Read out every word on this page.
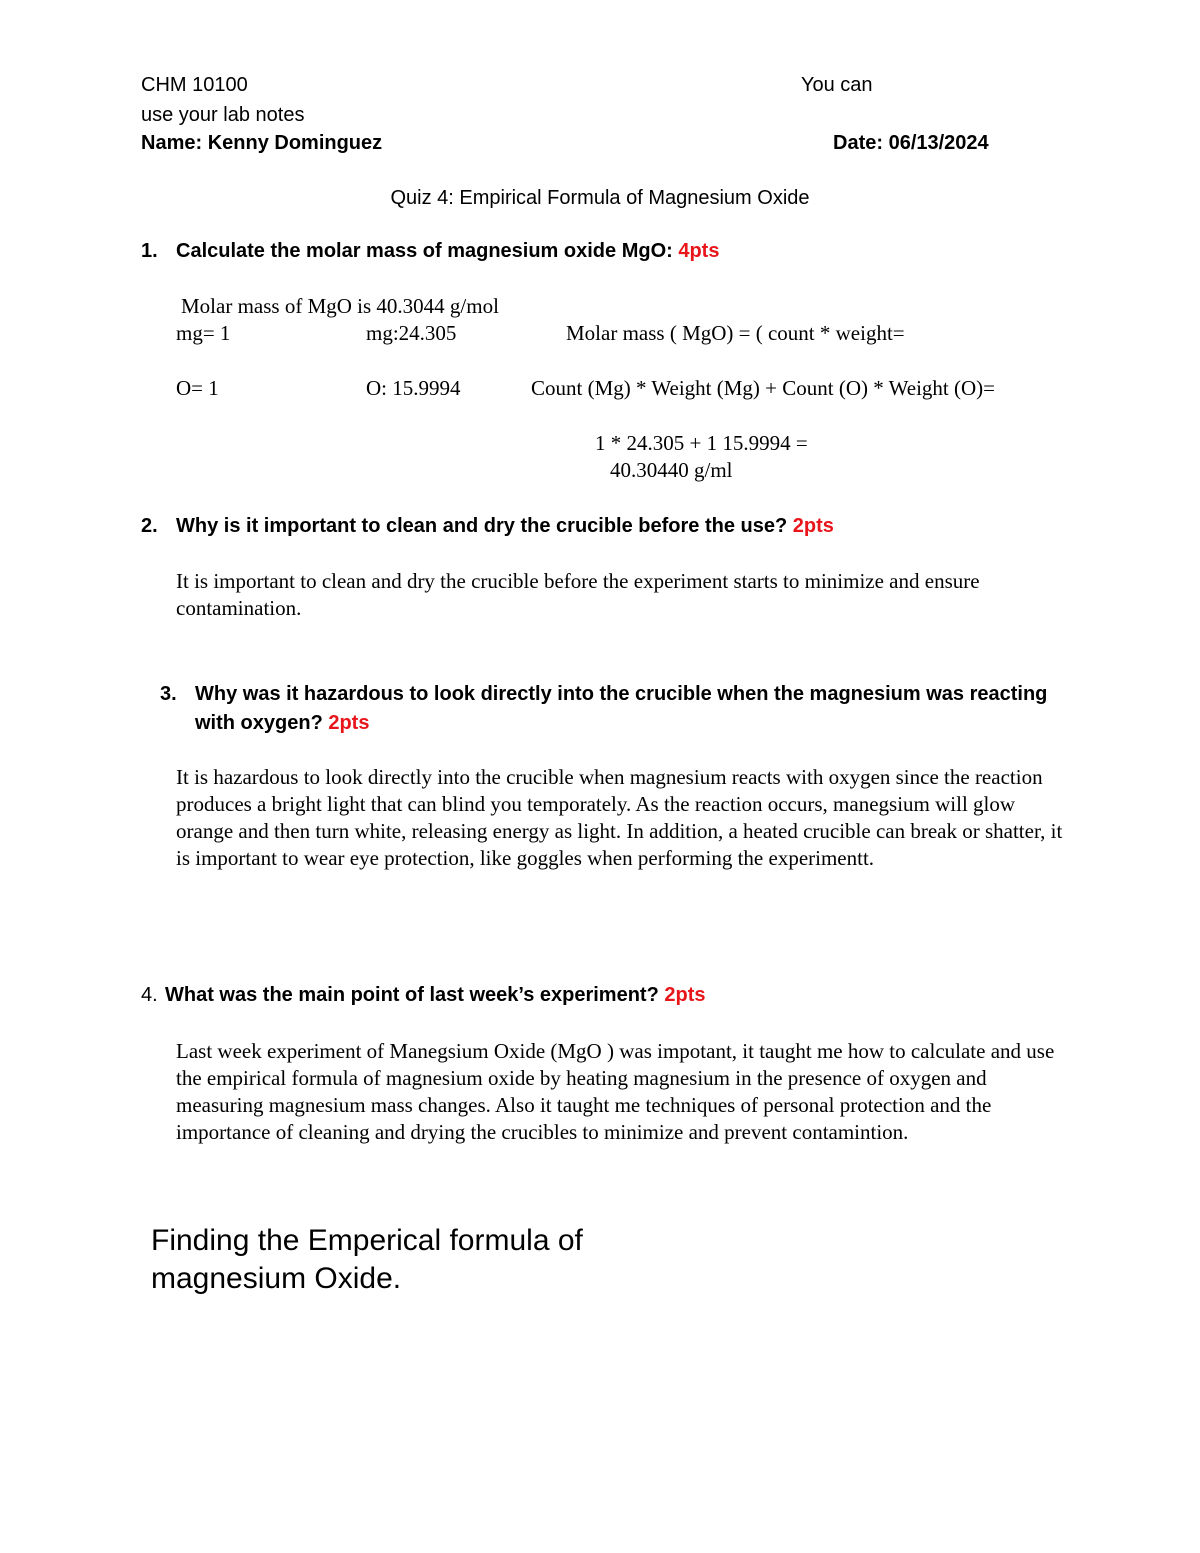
CHM 10100	You can
use your lab notes
Name: Kenny Dominguez	Date: 06/13/2024
Quiz 4: Empirical Formula of Magnesium Oxide
1. Calculate the molar mass of magnesium oxide MgO: 4pts
Molar mass of MgO is 40.3044 g/mol
mg= 1	mg:24.305	Molar mass ( MgO) = ( count * weight=
O= 1	O: 15.9994	Count (Mg) * Weight (Mg) + Count (O) * Weight (O)=
1 * 24.305 + 1 15.9994 =
40.30440 g/ml
2. Why is it important to clean and dry the crucible before the use? 2pts
It is important to clean and dry the crucible before the experiment starts to minimize and ensure contamination.
3. Why was it hazardous to look directly into the crucible when the magnesium was reacting
with oxygen? 2pts
It is hazardous to look directly into the crucible when magnesium reacts with oxygen since the reaction produces a bright light that can blind you temporately. As the reaction occurs, manegsium will glow orange and then turn white, releasing energy as light. In addition, a heated crucible can break or shatter, it is important to wear eye protection, like goggles when performing the experimentt.
4. What was the main point of last week’s experiment? 2pts
Last week experiment of Manegsium Oxide (MgO ) was impotant, it taught me how to calculate and use the empirical formula of magnesium oxide by heating magnesium in the presence of oxygen and measuring magnesium mass changes. Also it taught me techniques of personal protection and the importance of cleaning and drying the crucibles to minimize and prevent contamintion.
Finding the Emperical formula of
magnesium Oxide.
